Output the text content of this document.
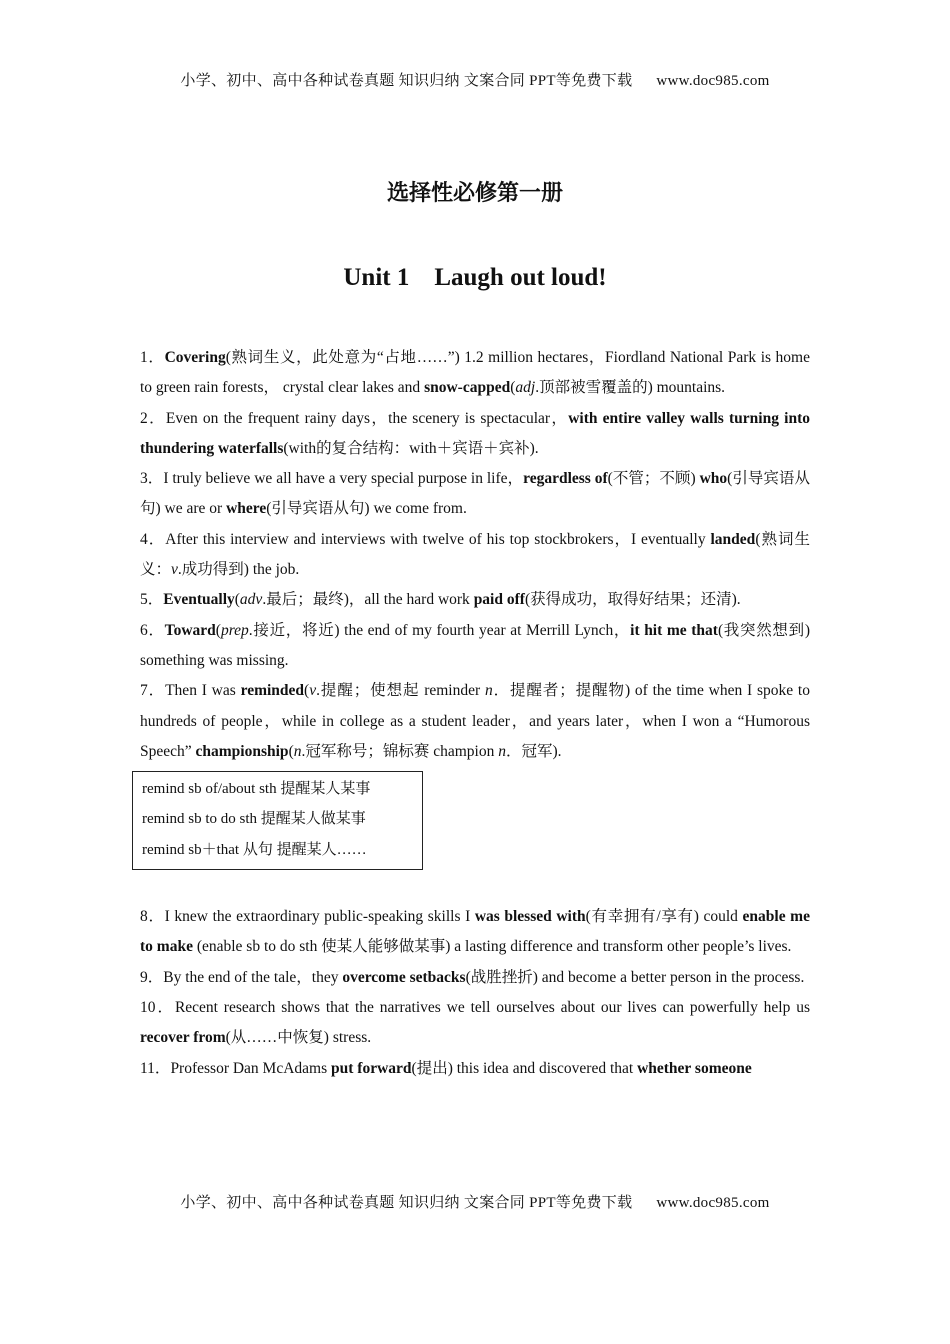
小学、初中、高中各种试卷真题 知识归纳 文案合同 PPT等免费下载 www.doc985.com
选择性必修第一册
Unit 1    Laugh out loud!

1．Covering(熟词生义，此处意为“占地……”) 1.2 million hectares，Fiordland National Park is home to green rain forests， crystal clear lakes and snow-capped(adj.顶部被雪覆盖的) mountains.

2．Even on the frequent rainy days，the scenery is spectacular，with entire valley walls turning into thundering waterfalls(with的复合结构：with＋宾语＋宾补).

3．I truly believe we all have a very special purpose in life，regardless of(不管；不顾) who(引导宾语从句) we are or where(引导宾语从句) we come from.

4．After this interview and interviews with twelve of his top stockbrokers，I eventually landed(熟词生义：v.成功得到) the job.

5．Eventually(adv.最后；最终)，all the hard work paid off(获得成功，取得好结果；还清).

6．Toward(prep.接近，将近) the end of my fourth year at Merrill Lynch，it hit me that(我突然想到) something was missing.

7．Then I was reminded(v.提醒；使想起 reminder n．提醒者；提醒物) of the time when I spoke to hundreds of people，while in college as a student leader，and years later，when I won a “Humorous Speech” championship(n.冠军称号；锦标赛 champion n．冠军).

remind sb of/about sth 提醒某人某事
remind sb to do sth 提醒某人做某事
remind sb＋that 从句 提醒某人……

8．I knew the extraordinary public-speaking skills I was blessed with(有幸拥有/享有) could enable me to make (enable sb to do sth 使某人能够做某事) a lasting difference and transform other people’s lives.

9．By the end of the tale，they overcome setbacks(战胜挫折) and become a better person in the process.

10．Recent research shows that the narratives we tell ourselves about our lives can powerfully help us recover from(从……中恢复) stress.

11．Professor Dan McAdams put forward(提出) this idea and discovered that whether someone

小学、初中、高中各种试卷真题 知识归纳 文案合同 PPT等免费下载 www.doc985.com
